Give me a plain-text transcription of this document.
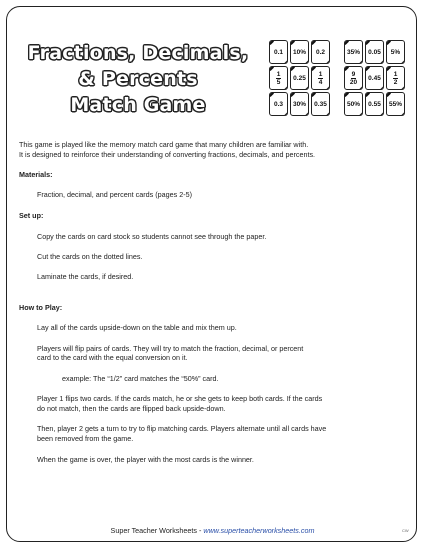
Fractions, Decimals,
& Percents
Match Game
0.1 10% 0.2
$\frac{1}{5} 0.25 \frac{1}{4}$
0.3 30% 0.35
35% 0.05 5%
$\frac{9}{20} 0.45 \frac{1}{2}$
50% 0.55 55%
This game is played like the memory match card game that many children are familiar with.
It is designed to reinforce their understanding of converting fractions, decimals, and percents.
Materials:
Fraction, decimal, and percent cards (pages 2-5)
Set up:
Copy the cards on card stock so students cannot see through the paper.
Cut the cards on the dotted lines.
Laminate the cards, if desired.
How to Play:
Lay all of the cards upside-down on the table and mix them up.
Players will flip pairs of cards. They will try to match the fraction, decimal, or percent
card to the card with the equal conversion on it.
example: The “1/2” card matches the “50%” card.
Player 1 flips two cards. If the cards match, he or she gets to keep both cards. If the cards
do not match, then the cards are flipped back upside-down.
Then, player 2 gets a turn to try to flip matching cards. Players alternate until all cards have
been removed from the game.
When the game is over, the player with the most cards is the winner.
Super Teacher Worksheets - www.superteacherworksheets.com	CW
